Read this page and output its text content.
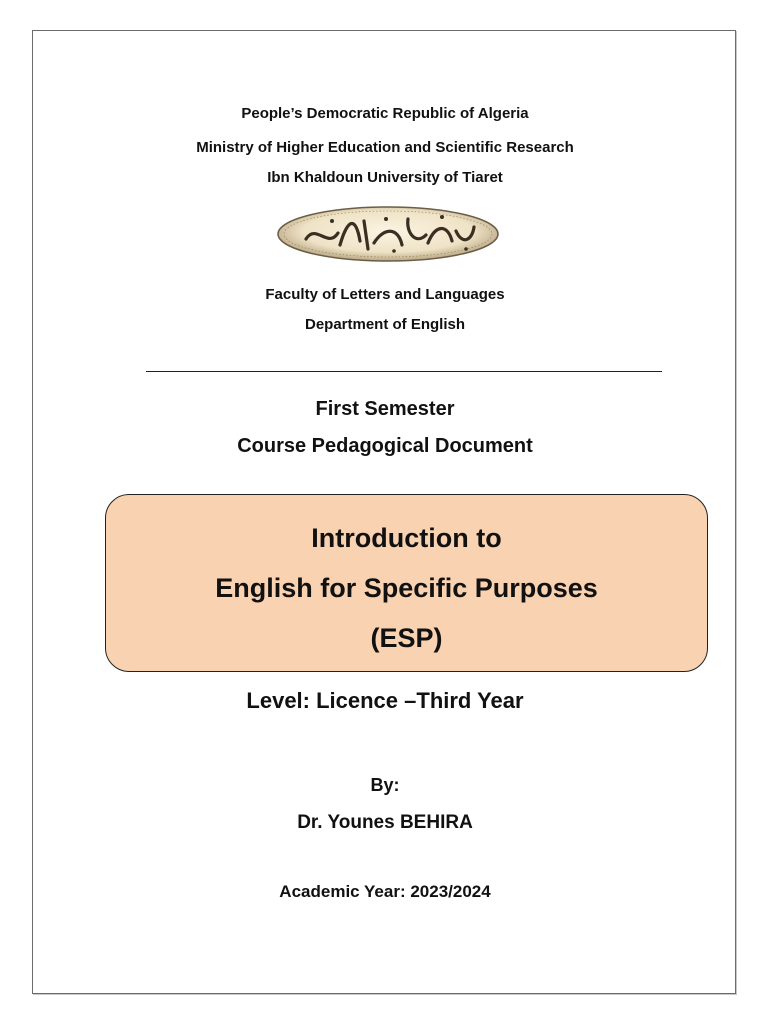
People’s Democratic Republic of Algeria
Ministry of Higher Education and Scientific Research
Ibn Khaldoun University of Tiaret
Faculty of Letters and Languages
Department of English
First Semester
Course Pedagogical Document
Introduction to
English for Specific Purposes
(ESP)
Level: Licence –Third Year
By:
Dr. Younes BEHIRA
Academic Year: 2023/2024
